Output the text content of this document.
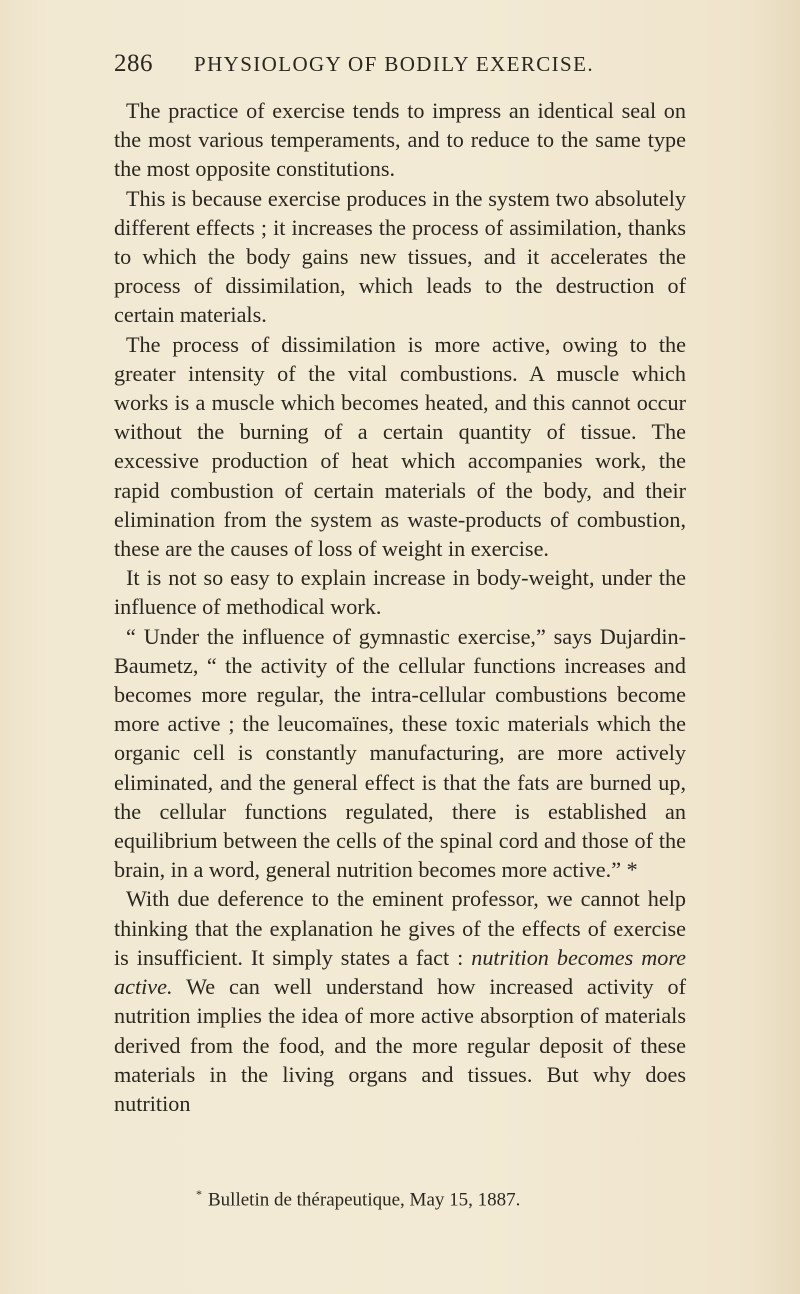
286 PHYSIOLOGY OF BODILY EXERCISE.

The practice of exercise tends to impress an identical seal on the most various temperaments, and to reduce to the same type the most opposite constitutions.

This is because exercise produces in the system two absolutely different effects ; it increases the process of assimilation, thanks to which the body gains new tissues, and it accelerates the process of dissimilation, which leads to the destruction of certain materials.

The process of dissimilation is more active, owing to the greater intensity of the vital combustions. A muscle which works is a muscle which becomes heated, and this cannot occur without the burning of a certain quantity of tissue. The excessive production of heat which accompanies work, the rapid combustion of certain materials of the body, and their elimination from the system as waste-products of combustion, these are the causes of loss of weight in exercise.

It is not so easy to explain increase in body-weight, under the influence of methodical work.

“ Under the influence of gymnastic exercise,” says Dujardin-Baumetz, “ the activity of the cellular functions increases and becomes more regular, the intra-cellular combustions become more active ; the leucomaïnes, these toxic materials which the organic cell is constantly manufacturing, are more actively eliminated, and the general effect is that the fats are burned up, the cellular functions regulated, there is established an equilibrium between the cells of the spinal cord and those of the brain, in a word, general nutrition becomes more active.” *

With due deference to the eminent professor, we cannot help thinking that the explanation he gives of the effects of exercise is insufficient. It simply states a fact : nutrition becomes more active. We can well understand how increased activity of nutrition implies the idea of more active absorption of materials derived from the food, and the more regular deposit of these materials in the living organs and tissues. But why does nutrition

* Bulletin de thérapeutique, May 15, 1887.
